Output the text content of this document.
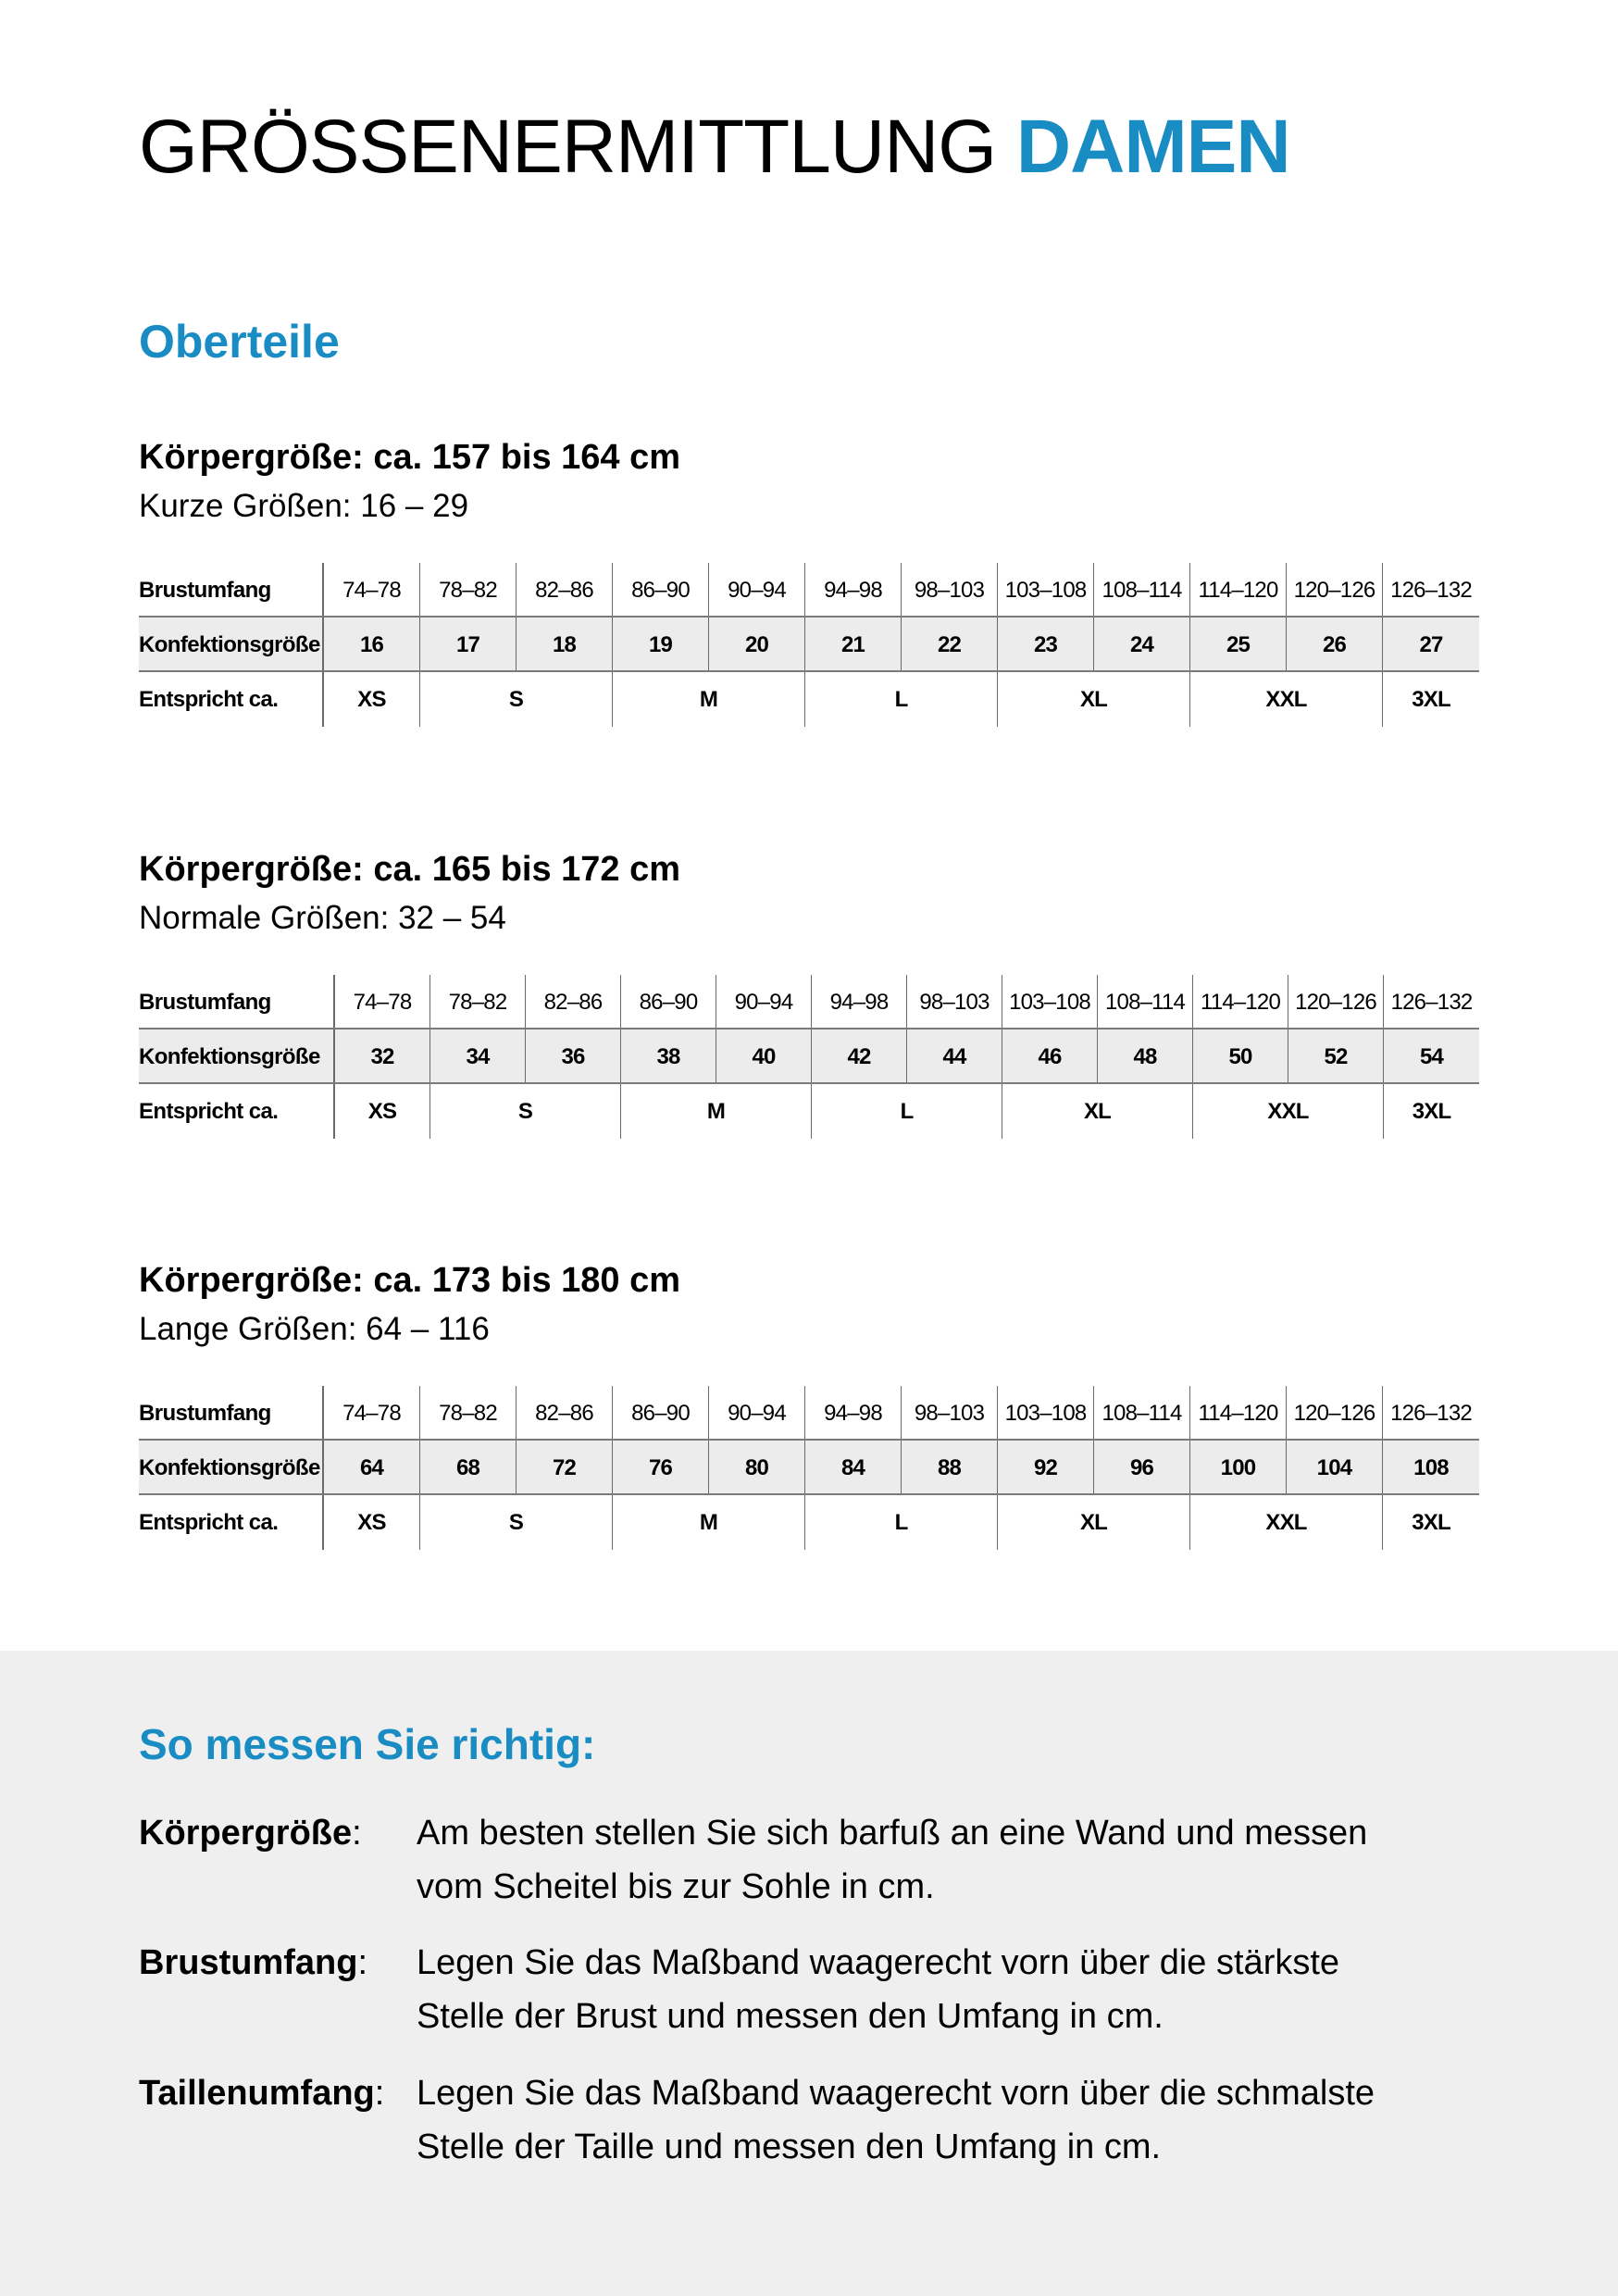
GRÖSSENERMITTLUNG DAMEN
Oberteile
Körpergröße: ca. 157 bis 164 cm

Kurze Größen: 16 – 29

Brustumfang	74–78	78–82	82–86	86–90	90–94	94–98	98–103 103–108 108–114 114–120 120–126 126–132
Konfektionsgröße	16	17	18	19	20	21	22	23	24	25	26	27
Entspricht ca.	XS	S	M	L	XL	XXL	3XL
Körpergröße: ca. 165 bis 172 cm

Normale Größen: 32 – 54

Brustumfang	74–78	78–82	82–86	86–90	90–94	94–98	98–103 103–108 108–114 114–120 120–126 126–132
Konfektionsgröße	32	34	36	38	40	42	44	46	48	50	52	54
Entspricht ca.	XS	S	M	L	XL	XXL	3XL
Körpergröße: ca. 173 bis 180 cm

Lange Größen: 64 – 116

Brustumfang	74–78	78–82	82–86	86–90	90–94	94–98	98–103 103–108 108–114 114–120 120–126 126–132
Konfektionsgröße	64	68	72	76	80	84	88	92	96	100	104	108
Entspricht ca.	XS	S	M	L	XL	XXL	3XL
So messen Sie richtig:
Körpergröße:	Am besten stellen Sie sich barfuß an eine Wand und messen
vom Scheitel bis zur Sohle in cm.
Brustumfang:	Legen Sie das Maßband waagerecht vorn über die stärkste
Stelle der Brust und messen den Umfang in cm.
Taillenumfang: Legen Sie das Maßband waagerecht vorn über die schmalste
Stelle der Taille und messen den Umfang in cm.
